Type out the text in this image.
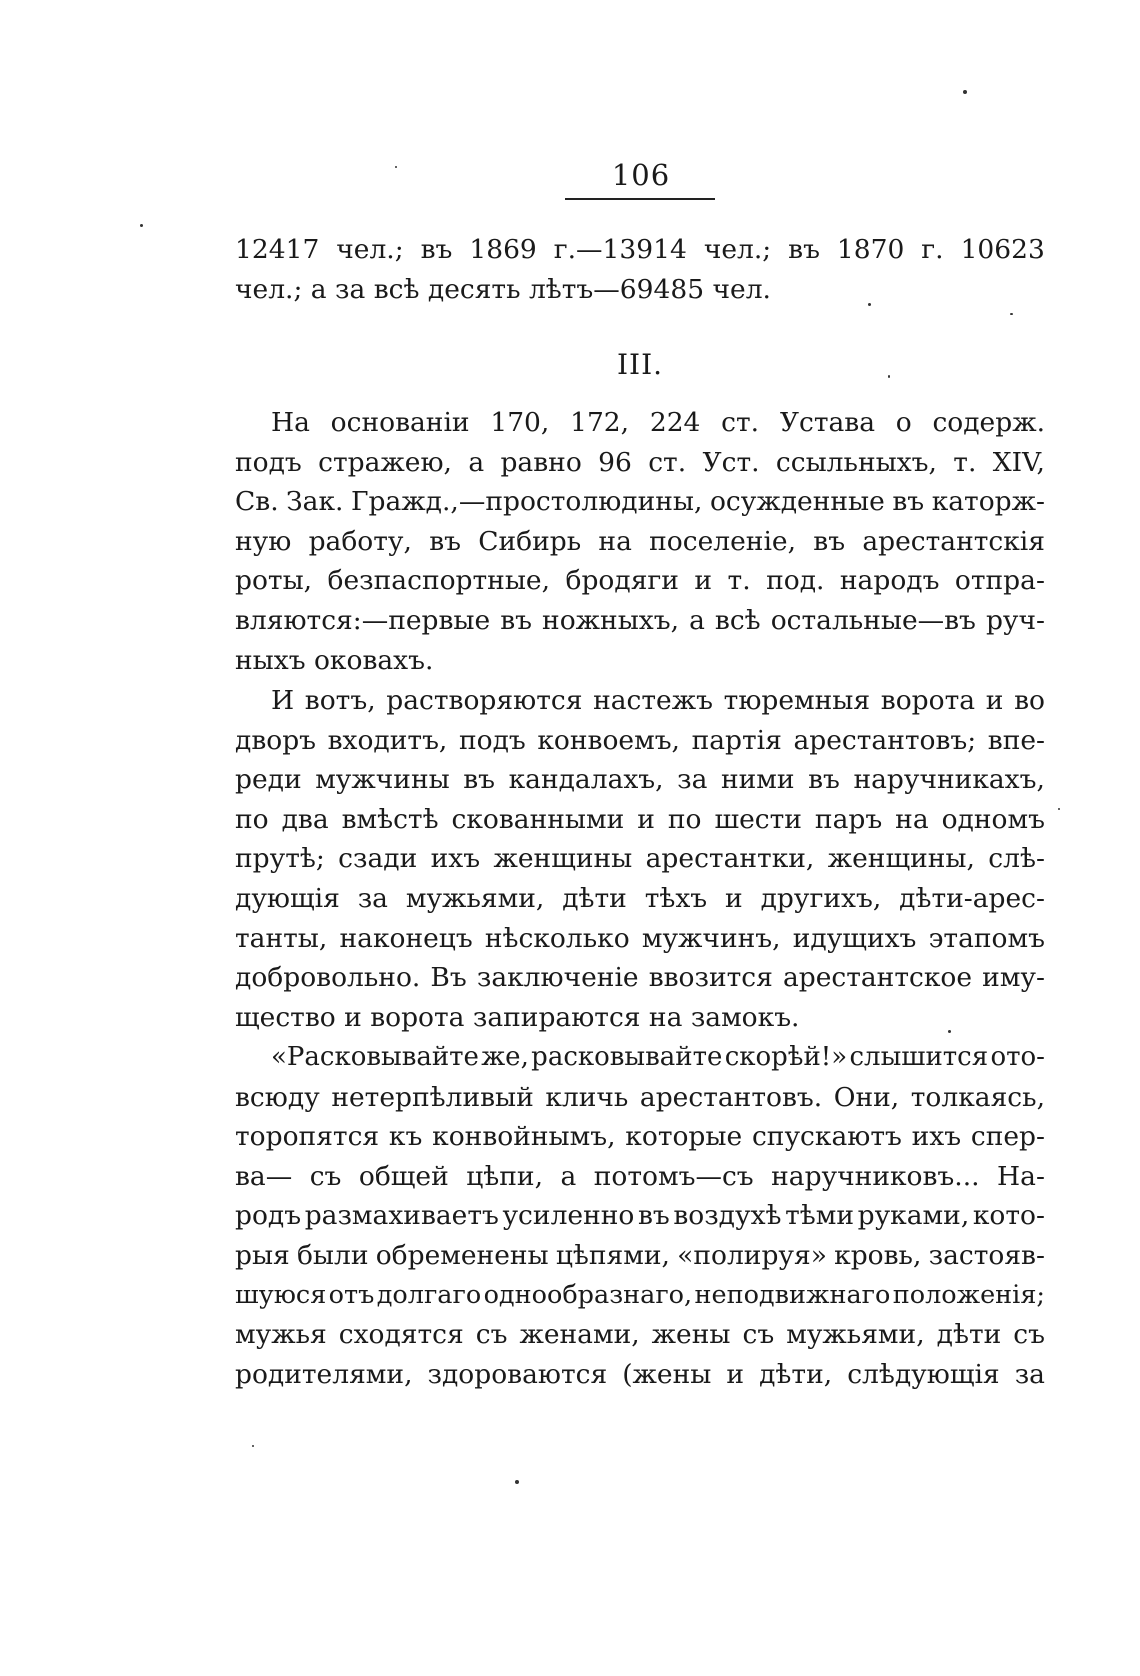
106
12417 чел.; въ 1869 г.—13914 чел.; въ 1870 г. 10623
чел.; а за всѣ десять лѣтъ—69485 чел.
III.
На основаніи 170, 172, 224 ст. Устава о содерж.
подъ стражею, а равно 96 ст. Уст. ссыльныхъ, т. XIV,
Св. Зак. Гражд.,—простолюдины, осужденные въ каторж-
ную работу, въ Сибирь на поселеніе, въ арестантскія
роты, безпаспортные, бродяги и т. под. народъ отпра-
вляются:—первые въ ножныхъ, а всѣ остальные—въ руч-
ныхъ оковахъ.
И вотъ, растворяются настежъ тюремныя ворота и во
дворъ входитъ, подъ конвоемъ, партія арестантовъ; впе-
реди мужчины въ кандалахъ, за ними въ наручникахъ,
по два вмѣстѣ скованными и по шести паръ на одномъ
прутѣ; сзади ихъ женщины арестантки, женщины, слѣ-
дующія за мужьями, дѣти тѣхъ и другихъ, дѣти-арес-
танты, наконецъ нѣсколько мужчинъ, идущихъ этапомъ
добровольно. Въ заключеніе ввозится арестантское иму-
щество и ворота запираются на замокъ.
«Расковывайте же, расковывайте скорѣй!» слышится ото-
всюду нетерпѣливый кличь арестантовъ. Они, толкаясь,
торопятся къ конвойнымъ, которые спускаютъ ихъ спер-
ва— съ общей цѣпи, а потомъ—съ наручниковъ... На-
родъ размахиваетъ усиленно въ воздухѣ тѣми руками, кото-
рыя были обременены цѣпями, «полируя» кровь, застояв-
шуюся отъ долгаго однообразнаго, неподвижнаго положенія;
мужья сходятся съ женами, жены съ мужьями, дѣти съ
родителями, здороваются (жены и дѣти, слѣдующія за
